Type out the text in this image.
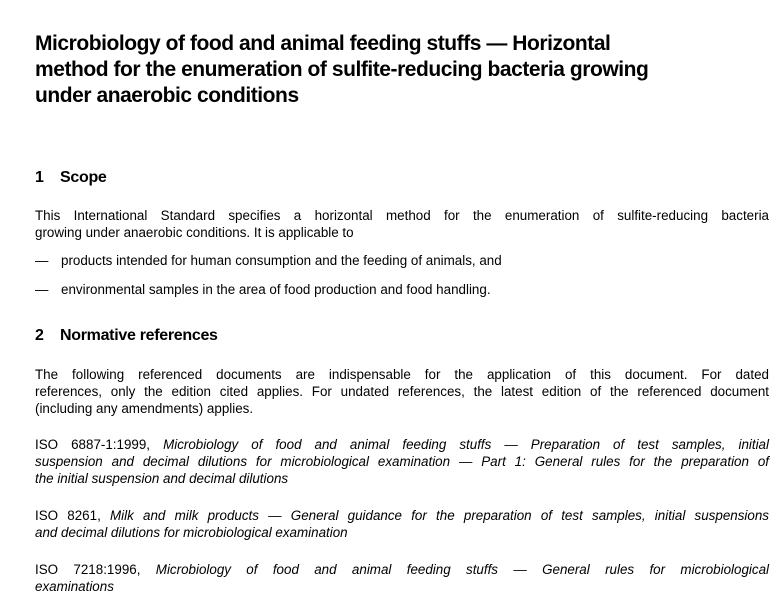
Microbiology of food and animal feeding stuffs — Horizontal
method for the enumeration of sulfite-reducing bacteria growing
under anaerobic conditions
1 Scope

This International Standard specifies a horizontal method for the enumeration of sulfite-reducing bacteria
growing under anaerobic conditions. It is applicable to

— products intended for human consumption and the feeding of animals, and
— environmental samples in the area of food production and food handling.
2 Normative references

The following referenced documents are indispensable for the application of this document. For dated
references, only the edition cited applies. For undated references, the latest edition of the referenced document
(including any amendments) applies.

ISO 6887-1:1999, Microbiology of food and animal feeding stuffs — Preparation of test samples, initial
suspension and decimal dilutions for microbiological examination — Part 1: General rules for the preparation of
the initial suspension and decimal dilutions

ISO 8261, Milk and milk products — General guidance for the preparation of test samples, initial suspensions
and decimal dilutions for microbiological examination

ISO 7218:1996, Microbiology of food and animal feeding stuffs — General rules for microbiological
examinations
